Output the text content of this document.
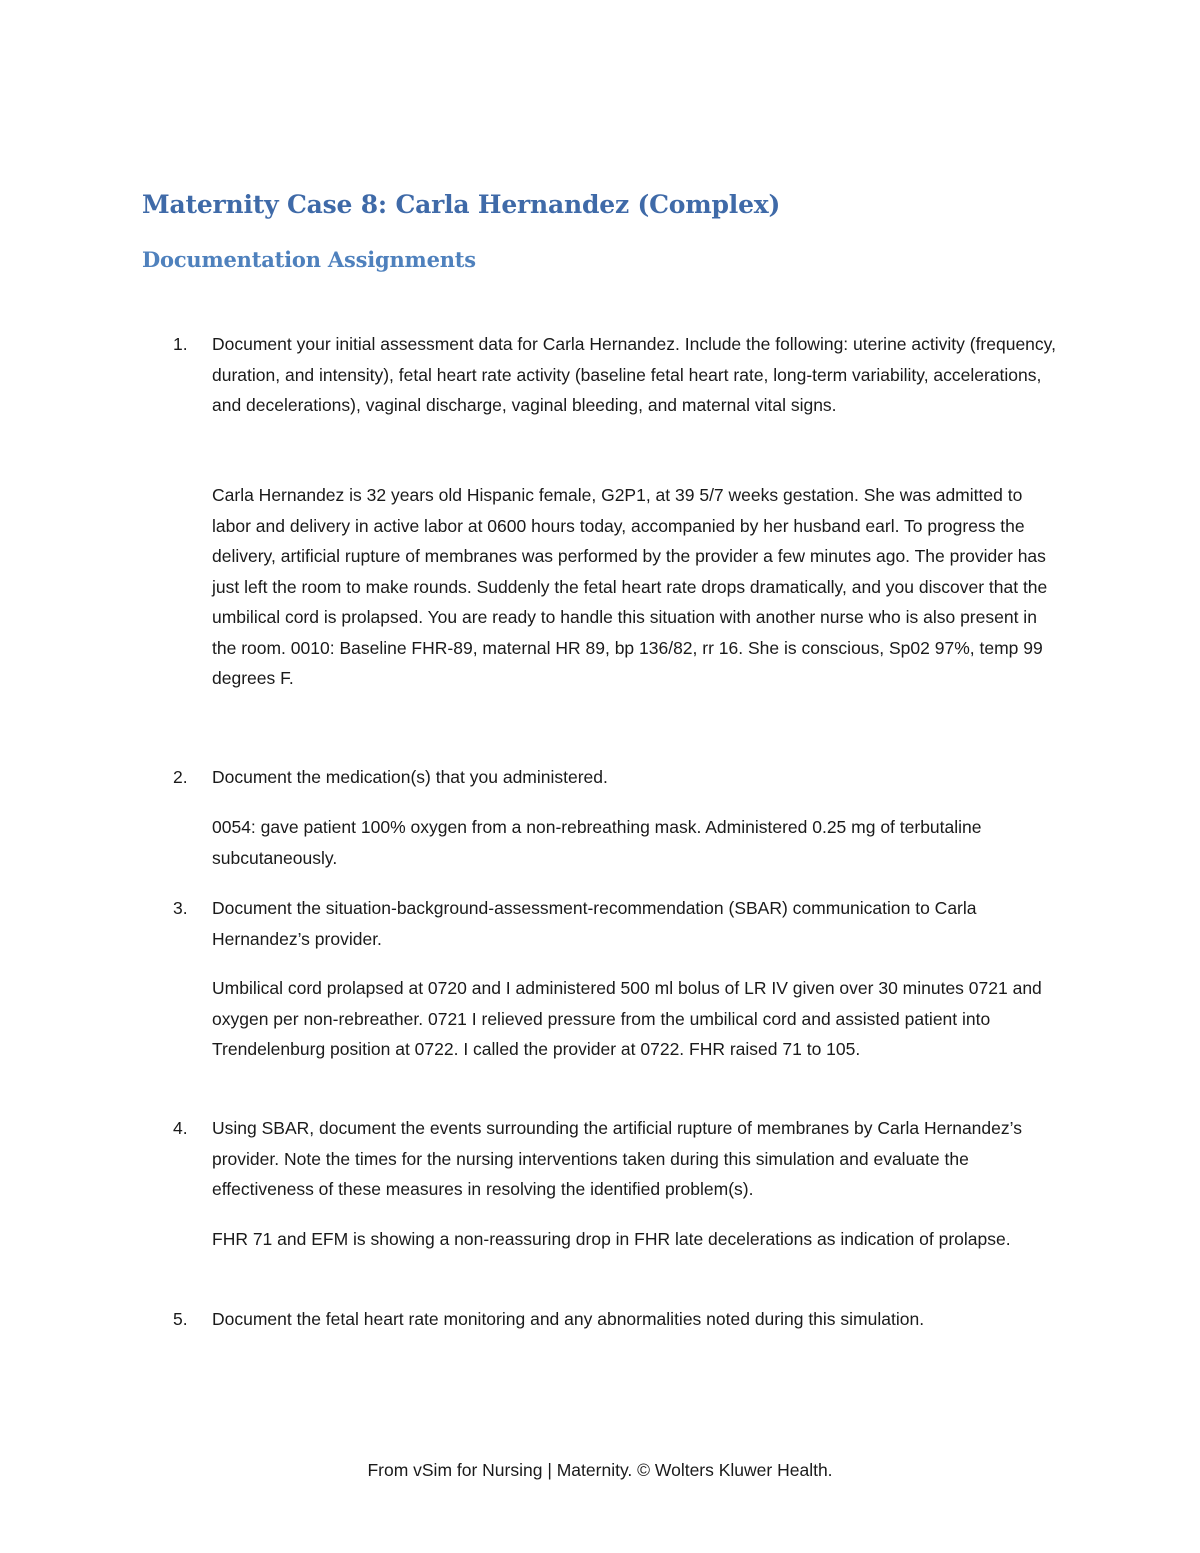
Maternity Case 8: Carla Hernandez (Complex)
Documentation Assignments
1. Document your initial assessment data for Carla Hernandez. Include the following: uterine activity (frequency, duration, and intensity), fetal heart rate activity (baseline fetal heart rate, long-term variability, accelerations, and decelerations), vaginal discharge, vaginal bleeding, and maternal vital signs.

Carla Hernandez is 32 years old Hispanic female, G2P1, at 39 5/7 weeks gestation. She was admitted to labor and delivery in active labor at 0600 hours today, accompanied by her husband earl. To progress the delivery, artificial rupture of membranes was performed by the provider a few minutes ago. The provider has just left the room to make rounds. Suddenly the fetal heart rate drops dramatically, and you discover that the umbilical cord is prolapsed. You are ready to handle this situation with another nurse who is also present in the room. 0010: Baseline FHR-89, maternal HR 89, bp 136/82, rr 16. She is conscious, Sp02 97%, temp 99 degrees F.

2. Document the medication(s) that you administered.

0054: gave patient 100% oxygen from a non-rebreathing mask. Administered 0.25 mg of terbutaline subcutaneously.

3. Document the situation-background-assessment-recommendation (SBAR) communication to Carla Hernandez’s provider.

Umbilical cord prolapsed at 0720 and I administered 500 ml bolus of LR IV given over 30 minutes 0721 and oxygen per non-rebreather. 0721 I relieved pressure from the umbilical cord and assisted patient into Trendelenburg position at 0722. I called the provider at 0722. FHR raised 71 to 105.

4. Using SBAR, document the events surrounding the artificial rupture of membranes by Carla Hernandez’s provider. Note the times for the nursing interventions taken during this simulation and evaluate the effectiveness of these measures in resolving the identified problem(s).

FHR 71 and EFM is showing a non-reassuring drop in FHR late decelerations as indication of prolapse.

5. Document the fetal heart rate monitoring and any abnormalities noted during this simulation.

From vSim for Nursing | Maternity. © Wolters Kluwer Health.
